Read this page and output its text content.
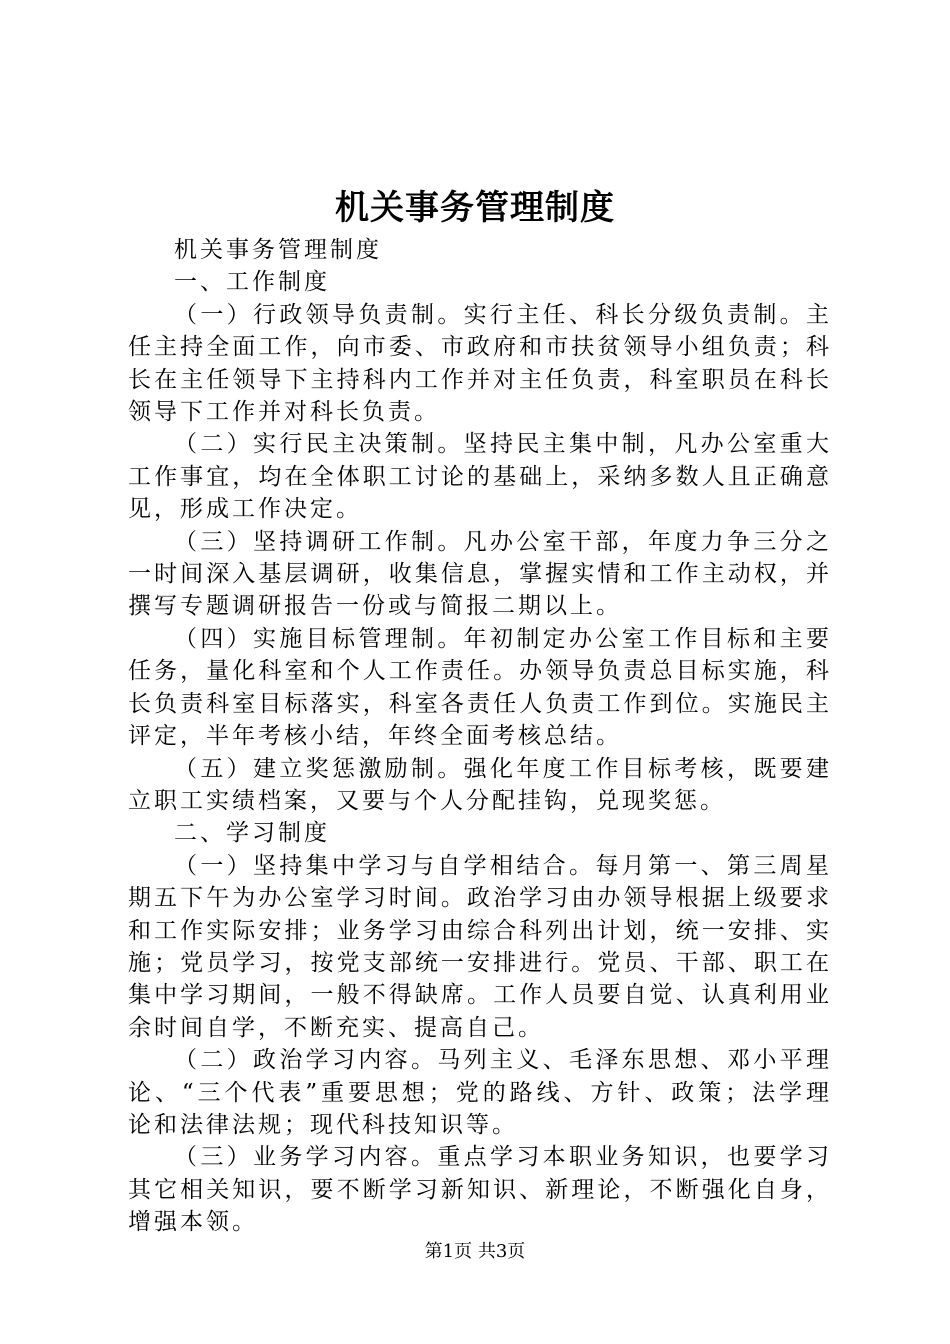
机关事务管理制度

机关事务管理制度

一、工作制度

（一）行政领导负责制。实行主任、科长分级负责制。主任主持全面工作，向市委、市政府和市扶贫领导小组负责；科长在主任领导下主持科内工作并对主任负责，科室职员在科长领导下工作并对科长负责。

（二）实行民主决策制。坚持民主集中制，凡办公室重大工作事宜，均在全体职工讨论的基础上，采纳多数人且正确意见，形成工作决定。

（三）坚持调研工作制。凡办公室干部，年度力争三分之一时间深入基层调研，收集信息，掌握实情和工作主动权，并撰写专题调研报告一份或与简报二期以上。

（四）实施目标管理制。年初制定办公室工作目标和主要任务，量化科室和个人工作责任。办领导负责总目标实施，科长负责科室目标落实，科室各责任人负责工作到位。实施民主评定，半年考核小结，年终全面考核总结。

（五）建立奖惩激励制。强化年度工作目标考核，既要建立职工实绩档案，又要与个人分配挂钩，兑现奖惩。

二、学习制度

（一）坚持集中学习与自学相结合。每月第一、第三周星期五下午为办公室学习时间。政治学习由办领导根据上级要求和工作实际安排；业务学习由综合科列出计划，统一安排、实施；党员学习，按党支部统一安排进行。党员、干部、职工在集中学习期间，一般不得缺席。工作人员要自觉、认真利用业余时间自学，不断充实、提高自己。

（二）政治学习内容。马列主义、毛泽东思想、邓小平理论、“三个代表”重要思想；党的路线、方针、政策；法学理论和法律法规；现代科技知识等。

（三）业务学习内容。重点学习本职业务知识，也要学习其它相关知识，要不断学习新知识、新理论，不断强化自身，增强本领。

第1页 共3页
